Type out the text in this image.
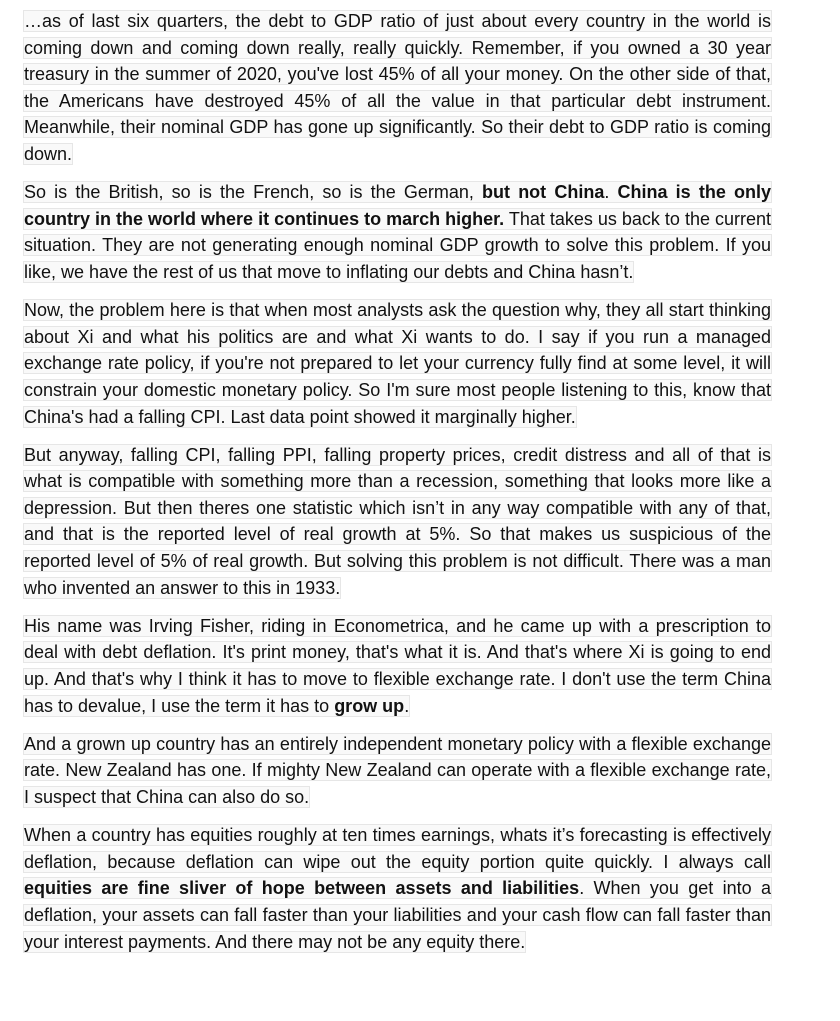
…as of last six quarters, the debt to GDP ratio of just about every country in the world is coming down and coming down really, really quickly. Remember, if you owned a 30 year treasury in the summer of 2020, you've lost 45% of all your money. On the other side of that, the Americans have destroyed 45% of all the value in that particular debt instrument. Meanwhile, their nominal GDP has gone up significantly. So their debt to GDP ratio is coming down.

So is the British, so is the French, so is the German, but not China. China is the only country in the world where it continues to march higher. That takes us back to the current situation. They are not generating enough nominal GDP growth to solve this problem. If you like, we have the rest of us that move to inflating our debts and China hasn’t.

Now, the problem here is that when most analysts ask the question why, they all start thinking about Xi and what his politics are and what Xi wants to do. I say if you run a managed exchange rate policy, if you're not prepared to let your currency fully find at some level, it will constrain your domestic monetary policy. So I'm sure most people listening to this, know that China's had a falling CPI. Last data point showed it marginally higher.

But anyway, falling CPI, falling PPI, falling property prices, credit distress and all of that is what is compatible with something more than a recession, something that looks more like a depression. But then theres one statistic which isn’t in any way compatible with any of that, and that is the reported level of real growth at 5%. So that makes us suspicious of the reported level of 5% of real growth. But solving this problem is not difficult. There was a man who invented an answer to this in 1933.

His name was Irving Fisher, riding in Econometrica, and he came up with a prescription to deal with debt deflation. It's print money, that's what it is. And that's where Xi is going to end up. And that's why I think it has to move to flexible exchange rate. I don't use the term China has to devalue, I use the term it has to grow up.

And a grown up country has an entirely independent monetary policy with a flexible exchange rate. New Zealand has one. If mighty New Zealand can operate with a flexible exchange rate, I suspect that China can also do so.

When a country has equities roughly at ten times earnings, whats it’s forecasting is effectively deflation, because deflation can wipe out the equity portion quite quickly. I always call equities are fine sliver of hope between assets and liabilities. When you get into a deflation, your assets can fall faster than your liabilities and your cash flow can fall faster than your interest payments. And there may not be any equity there.
